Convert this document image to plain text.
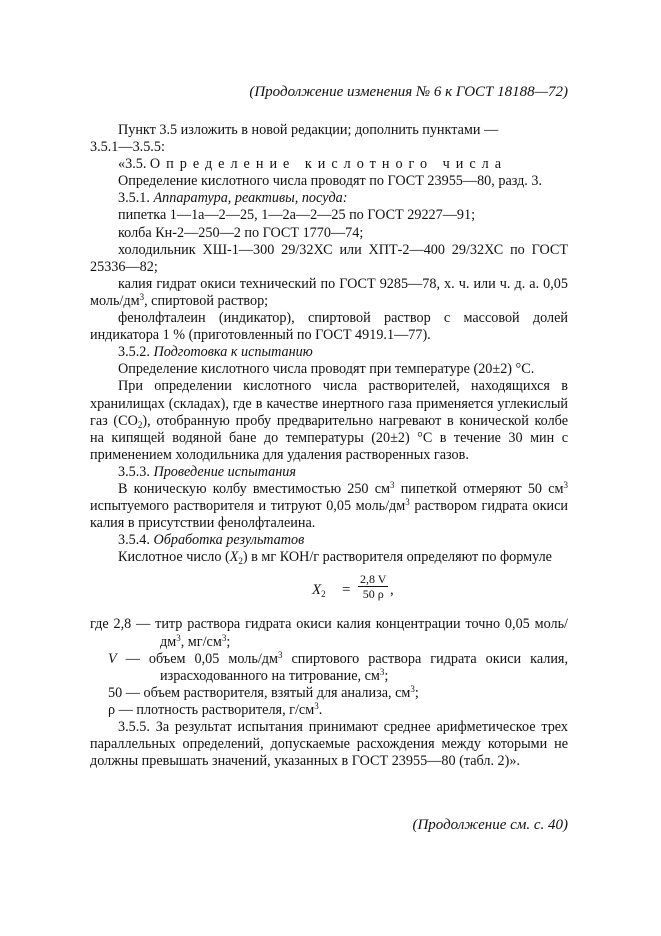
(Продолжение изменения № 6 к ГОСТ 18188—72)

Пункт 3.5 изложить в новой редакции; дополнить пунктами —

3.5.1—3.5.5:

«3.5. Определение кислотного числа

Определение кислотного числа проводят по ГОСТ 23955—80, разд. 3.

3.5.1. Аппаратура, реактивы, посуда:

пипетка 1—1а—2—25, 1—2а—2—25 по ГОСТ 29227—91;

колба Кн-2—250—2 по ГОСТ 1770—74;

холодильник ХШ-1—300 29/32ХС или ХПТ-2—400 29/32ХС по ГОСТ 25336—82;

калия гидрат окиси технический по ГОСТ 9285—78, х. ч. или ч. д. а. 0,05 моль/$дм^3$, спиртовой раствор;

фенолфталеин (индикатор), спиртовой раствор с массовой долей индикатора 1 % (приготовленный по ГОСТ 4919.1—77).

3.5.2. Подготовка к испытанию

Определение кислотного числа проводят при температуре (20±2) °С.

При определении кислотного числа растворителей, находящихся в хранилищах (складах), где в качестве инертного газа применяется углекислый газ $(СО_2)$, отобранную пробу предварительно нагревают в конической колбе на кипящей водяной бане до температуры (20±2) °С в течение 30 мин с применением холодильника для удаления растворенных газов.

3.5.3. Проведение испытания

В коническую колбу вместимостью 250 $см^3$ пипеткой отмеряют 50 $см^3$ испытуемого растворителя и титруют 0,05 моль/$дм^3$ раствором гидрата окиси калия в присутствии фенолфталеина.

3.5.4. Обработка результатов

Кислотное число $(X_2)$ в мг КОН/г растворителя определяют по формуле

$X_2 = \frac{2,8 V}{50 \rho}$ ,

где 2,8 — титр раствора гидрата окиси калия концентрации точно 0,05 моль/$дм^3$, $мг/см^3$;

V — объем 0,05 моль/$дм^3$ спиртового раствора гидрата окиси калия, израсходованного на титрование, $см^3$;

50 — объем растворителя, взятый для анализа, $см^3$;

ρ — плотность растворителя, $г/см^3$.

3.5.5. За результат испытания принимают среднее арифметическое трех параллельных определений, допускаемые расхождения между которыми не должны превышать значений, указанных в ГОСТ 23955—80 (табл. 2)».

(Продолжение см. с. 40)
